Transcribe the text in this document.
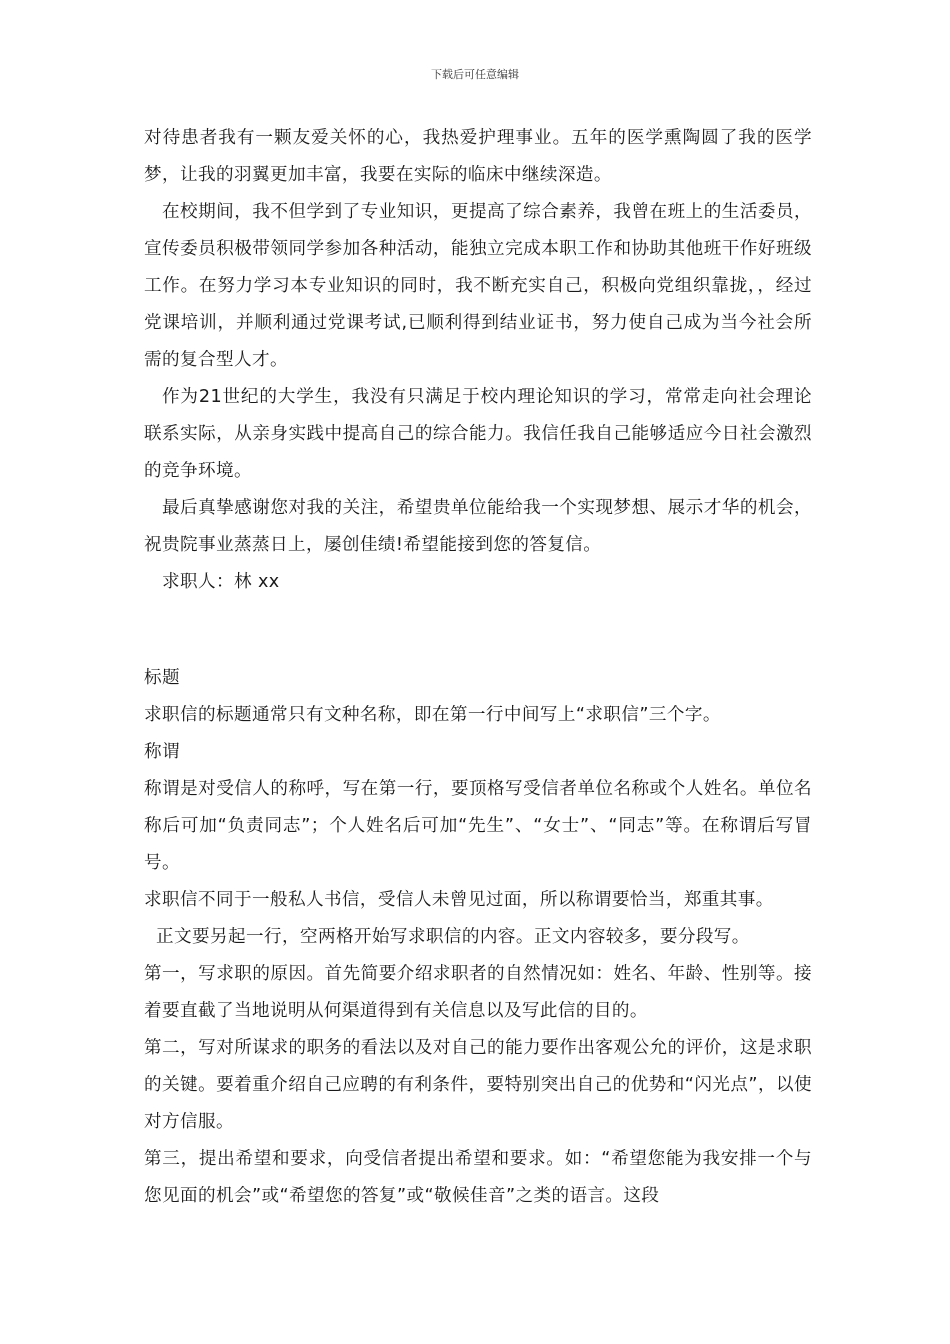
下载后可任意编辑

对待患者我有一颗友爱关怀的心，我热爱护理事业。五年的医学熏陶圆了我的医学梦，让我的羽翼更加丰富，我要在实际的临床中继续深造。

在校期间，我不但学到了专业知识，更提高了综合素养，我曾在班上的生活委员，宣传委员积极带领同学参加各种活动，能独立完成本职工作和协助其他班干作好班级工作。在努力学习本专业知识的同时，我不断充实自己，积极向党组织靠拢，，经过党课培训，并顺利通过党课考试,已顺利得到结业证书，努力使自己成为当今社会所需的复合型人才。

作为21世纪的大学生，我没有只满足于校内理论知识的学习，常常走向社会理论联系实际，从亲身实践中提高自己的综合能力。我信任我自己能够适应今日社会激烈的竞争环境。

最后真挚感谢您对我的关注，希望贵单位能给我一个实现梦想、展示才华的机会，祝贵院事业蒸蒸日上，屡创佳绩!希望能接到您的答复信。

求职人：林 xx

标题

求职信的标题通常只有文种名称，即在第一行中间写上“求职信”三个字。

称谓

称谓是对受信人的称呼，写在第一行，要顶格写受信者单位名称或个人姓名。单位名称后可加“负责同志”；个人姓名后可加“先生”、“女士”、“同志”等。在称谓后写冒号。

求职信不同于一般私人书信，受信人未曾见过面，所以称谓要恰当，郑重其事。

正文要另起一行，空两格开始写求职信的内容。正文内容较多，要分段写。

第一，写求职的原因。首先简要介绍求职者的自然情况如：姓名、年龄、性别等。接着要直截了当地说明从何渠道得到有关信息以及写此信的目的。

第二，写对所谋求的职务的看法以及对自己的能力要作出客观公允的评价，这是求职的关键。要着重介绍自己应聘的有利条件，要特别突出自己的优势和“闪光点”，以使对方信服。

第三，提出希望和要求，向受信者提出希望和要求。如：“希望您能为我安排一个与您见面的机会”或“希望您的答复”或“敬候佳音”之类的语言。这段
